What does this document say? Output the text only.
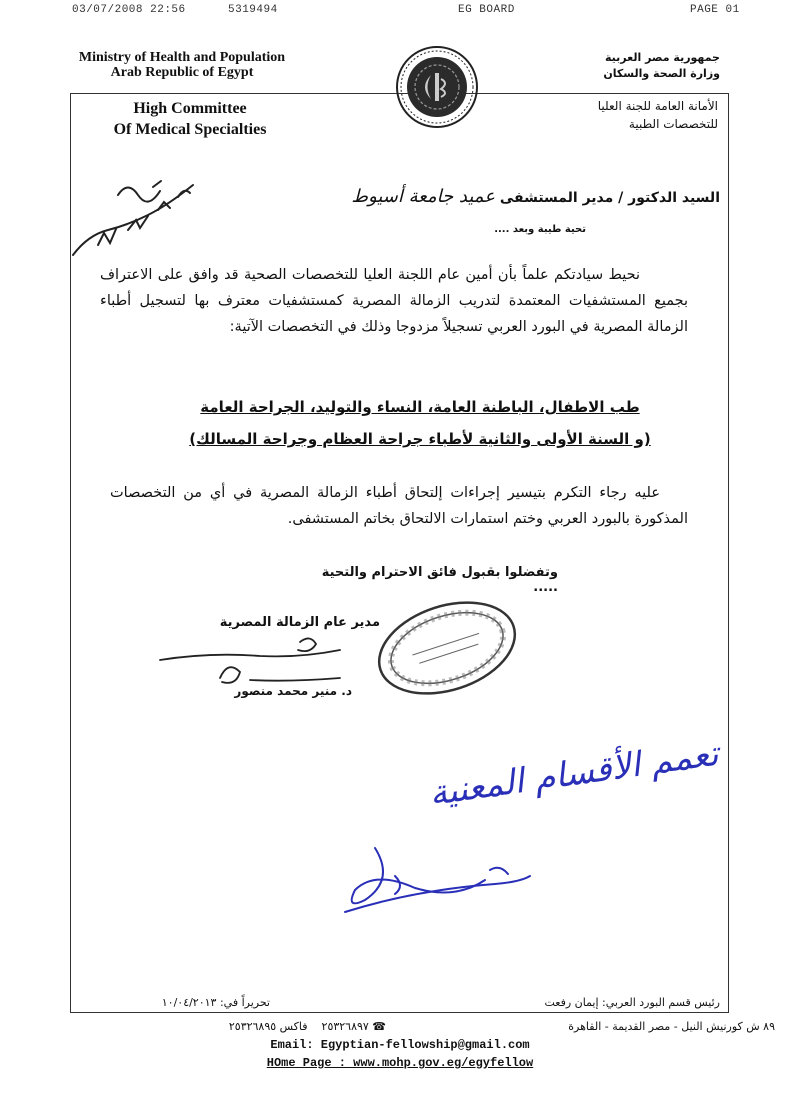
03/07/2008 22:56	5319494	EG BOARD	PAGE 01
Ministry of Health and Population
Arab Republic of Egypt
High Committee
Of Medical Specialties
جمهورية مصر العربية
وزارة الصحة والسكان
الأمانة العامة للجنة العليا
للتخصصات الطبية
السيد الدكتور / مدير المستشفى عميد جامعة أسيوط
تحية طيبة وبعد ....
نحيط سيادتكم علماً بأن أمين عام اللجنة العليا للتخصصات الصحية قد وافق على الاعتراف بجميع المستشفيات المعتمدة لتدريب الزمالة المصرية كمستشفيات معترف بها لتسجيل أطباء الزمالة المصرية في البورد العربي تسجيلاً مزدوجا وذلك في التخصصات الآتية:
طب الاطفال، الباطنة العامة، النساء والتوليد، الجراحة العامة
(و السنة الأولى والثانية لأطباء جراحة العظام وجراحة المسالك)
عليه رجاء التكرم بتيسير إجراءات إلتحاق أطباء الزمالة المصرية في أي من التخصصات المذكورة بالبورد العربي وختم استمارات الالتحاق بخاتم المستشفى.
وتفضلوا بقبول فائق الاحترام والتحية .....
مدير عام الزمالة المصرية
د. منير محمد منصور
تعمم الأقسام المعنية
تحريراً في: ١٠/٠٤/٢٠١٣	رئيس قسم البورد العربي: إيمان رفعت
٨٩ ش كورنيش النيل - مصر القديمة - القاهرة
☎ ٢٥٣٢٦٨٩٧    فاكس ٢٥٣٢٦٨٩٥
Email: Egyptian-fellowship@gmail.com
HOme Page : www.mohp.gov.eg/egyfellow
